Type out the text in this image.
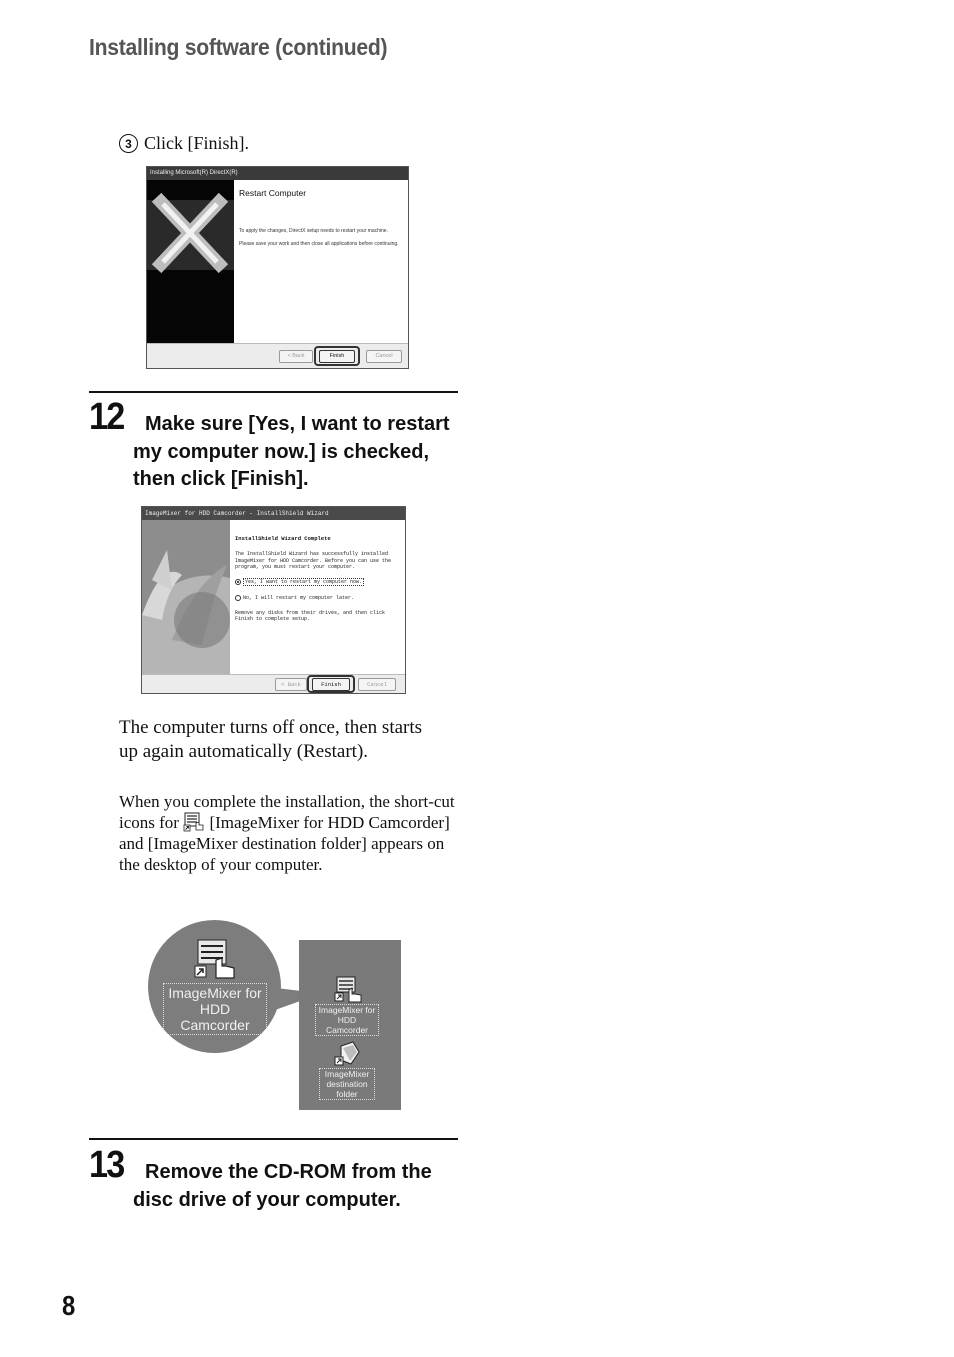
Installing software (continued)
3 Click [Finish].
Installing Microsoft(R) DirectX(R)
Restart Computer
To apply the changes, DirectX setup needs to restart your machine.
Please save your work and then close all applications before continuing.
< Back	Finish	Cancel
12 Make sure [Yes, I want to restart
my computer now.] is checked,
then click [Finish].
ImageMixer for HDD Camcorder - InstallShield Wizard
InstallShield Wizard Complete
The InstallShield Wizard has successfully installed ImageMixer for HDD Camcorder. Before you can use the program, you must restart your computer.
Yes, I want to restart my computer now.
No, I will restart my computer later.
Remove any disks from their drives, and then click Finish to complete setup.
< Back	Finish	Cancel
The computer turns off once, then starts
up again automatically (Restart).
When you complete the installation, the short-cut icons for [ImageMixer for HDD Camcorder] and [ImageMixer destination folder] appears on the desktop of your computer.
ImageMixer for HDD Camcorder
ImageMixer for HDD Camcorder
ImageMixer destination folder
13 Remove the CD-ROM from the
disc drive of your computer.
8
